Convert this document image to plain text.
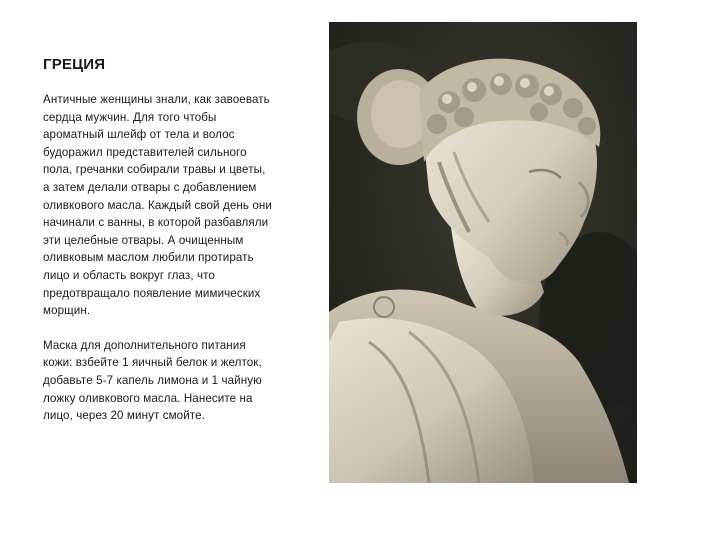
ГРЕЦИЯ

Античные женщины знали, как завоевать сердца мужчин. Для того чтобы ароматный шлейф от тела и волос будоражил представителей сильного пола, гречанки собирали травы и цветы, а затем делали отвары с добавлением оливкового масла. Каждый свой день они начинали с ванны, в которой разбавляли эти целебные отвары. А очищенным оливковым маслом любили протирать лицо и область вокруг глаз, что предотвращало появление мимических морщин.

Маска для дополнительного питания кожи: взбейте 1 яичный белок и желток, добавьте 5-7 капель лимона и 1 чайную ложку оливкового масла. Нанесите на лицо, через 20 минут смойте.
